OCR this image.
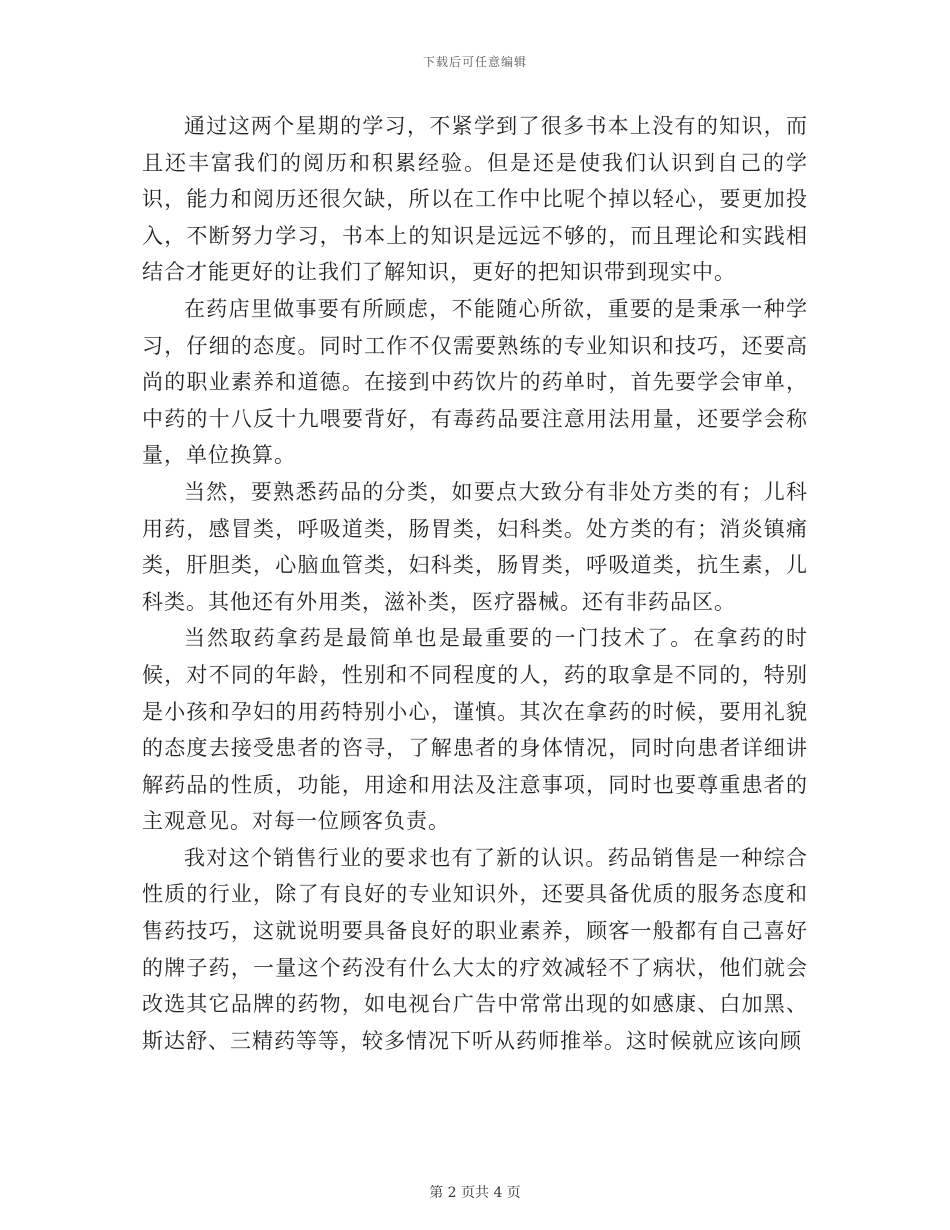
下载后可任意编辑

通过这两个星期的学习，不紧学到了很多书本上没有的知识，而且还丰富我们的阅历和积累经验。但是还是使我们认识到自己的学识，能力和阅历还很欠缺，所以在工作中比呢个掉以轻心，要更加投入，不断努力学习，书本上的知识是远远不够的，而且理论和实践相结合才能更好的让我们了解知识，更好的把知识带到现实中。

在药店里做事要有所顾虑，不能随心所欲，重要的是秉承一种学习，仔细的态度。同时工作不仅需要熟练的专业知识和技巧，还要高尚的职业素养和道德。在接到中药饮片的药单时，首先要学会审单，中药的十八反十九喂要背好，有毒药品要注意用法用量，还要学会称量，单位换算。

当然，要熟悉药品的分类，如要点大致分有非处方类的有；儿科用药，感冒类，呼吸道类，肠胃类，妇科类。处方类的有；消炎镇痛类，肝胆类，心脑血管类，妇科类，肠胃类，呼吸道类，抗生素，儿科类。其他还有外用类，滋补类，医疗器械。还有非药品区。

当然取药拿药是最简单也是最重要的一门技术了。在拿药的时候，对不同的年龄，性别和不同程度的人，药的取拿是不同的，特别是小孩和孕妇的用药特别小心，谨慎。其次在拿药的时候，要用礼貌的态度去接受患者的咨寻，了解患者的身体情况，同时向患者详细讲解药品的性质，功能，用途和用法及注意事项，同时也要尊重患者的主观意见。对每一位顾客负责。

我对这个销售行业的要求也有了新的认识。药品销售是一种综合性质的行业，除了有良好的专业知识外，还要具备优质的服务态度和售药技巧，这就说明要具备良好的职业素养，顾客一般都有自己喜好的牌子药，一量这个药没有什么大太的疗效减轻不了病状，他们就会改选其它品牌的药物，如电视台广告中常常出现的如感康、白加黑、斯达舒、三精药等等，较多情况下听从药师推举。这时候就应该向顾

第 2 页共 4 页
